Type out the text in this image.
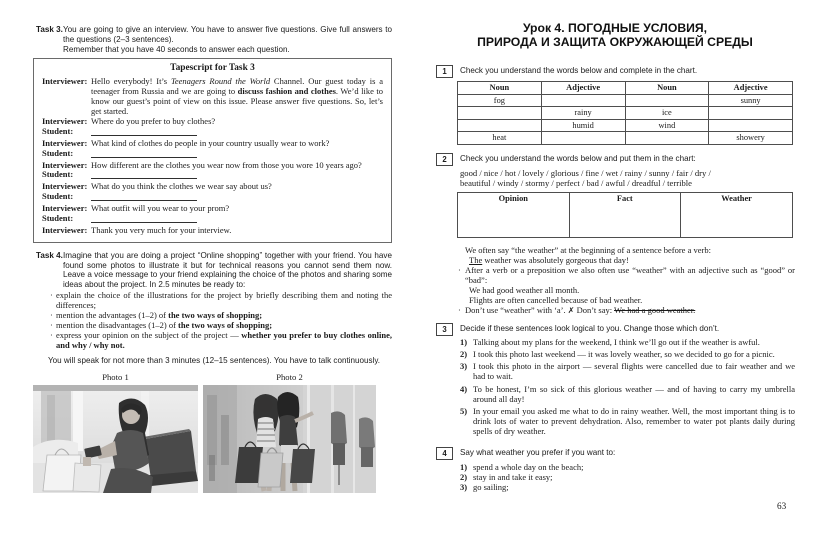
Task 3. You are going to give an interview. You have to answer five questions. Give full answers to the questions (2–3 sentences).
Remember that you have 40 seconds to answer each question.
Tapescript for Task 3
Interviewer: Hello everybody! It’s Teenagers Round the World Channel. Our guest today is a teenager from Russia and we are going to discuss fashion and clothes. We’d like to know our guest’s point of view on this issue. Please answer five questions. So, let’s get started.
Interviewer: Where do you prefer to buy clothes?
Student:
Interviewer: What kind of clothes do people in your country usually wear to work?
Student:
Interviewer: How different are the clothes you wear now from those you wore 10 years ago?
Student:
Interviewer: What do you think the clothes we wear say about us?
Student:
Interviewer: What outfit will you wear to your prom?
Student:
Interviewer: Thank you very much for your interview.
Task 4. Imagine that you are doing a project “Online shopping” together with your friend. You have found some photos to illustrate it but for technical reasons you cannot send them now. Leave a voice message to your friend explaining the choice of the photos and sharing some ideas about the project. In 2.5 minutes be ready to:
· explain the choice of the illustrations for the project by briefly describing them and noting the differences;
· mention the advantages (1–2) of the two ways of shopping;
· mention the disadvantages (1–2) of the two ways of shopping;
· express your opinion on the subject of the project — whether you prefer to buy clothes online, and why / why not.
You will speak for not more than 3 minutes (12–15 sentences). You have to talk continuously.
Photo 1	Photo 2
Урок 4. ПОГОДНЫЕ УСЛОВИЯ,
ПРИРОДА И ЗАЩИТА ОКРУЖАЮЩЕЙ СРЕДЫ
1	Check you understand the words below and complete in the chart.
Noun	Adjective	Noun	Adjective
fog			sunny
	rainy	ice	
	humid	wind	
heat			showery
2	Check you understand the words below and put them in the chart:
good / nice / hot / lovely / glorious / fine / wet / rainy / sunny / fair / dry /
beautiful / windy / stormy / perfect / bad / awful / dreadful / terrible
Opinion	Fact	Weather
We often say “the weather” at the beginning of a sentence before a verb:
The weather was absolutely gorgeous that day!
· After a verb or a preposition we also often use “weather” with an adjective such as “good” or “bad”:
We had good weather all month.
Flights are often cancelled because of bad weather.
· Don’t use “weather” with ‘a’. ✗ Don’t say: We had a good weather.
3	Decide if these sentences look logical to you. Change those which don’t.
1) Talking about my plans for the weekend, I think we’ll go out if the weather is awful.
2) I took this photo last weekend — it was lovely weather, so we decided to go for a picnic.
3) I took this photo in the airport — several flights were cancelled due to fair weather and we had to wait.
4) To be honest, I’m so sick of this glorious weather — and of having to carry my umbrella around all day!
5) In your email you asked me what to do in rainy weather. Well, the most important thing is to drink lots of water to prevent dehydration. Also, remember to water pot plants daily during spells of dry weather.
4	Say what weather you prefer if you want to:
1) spend a whole day on the beach;
2) stay in and take it easy;
3) go sailing;
63
